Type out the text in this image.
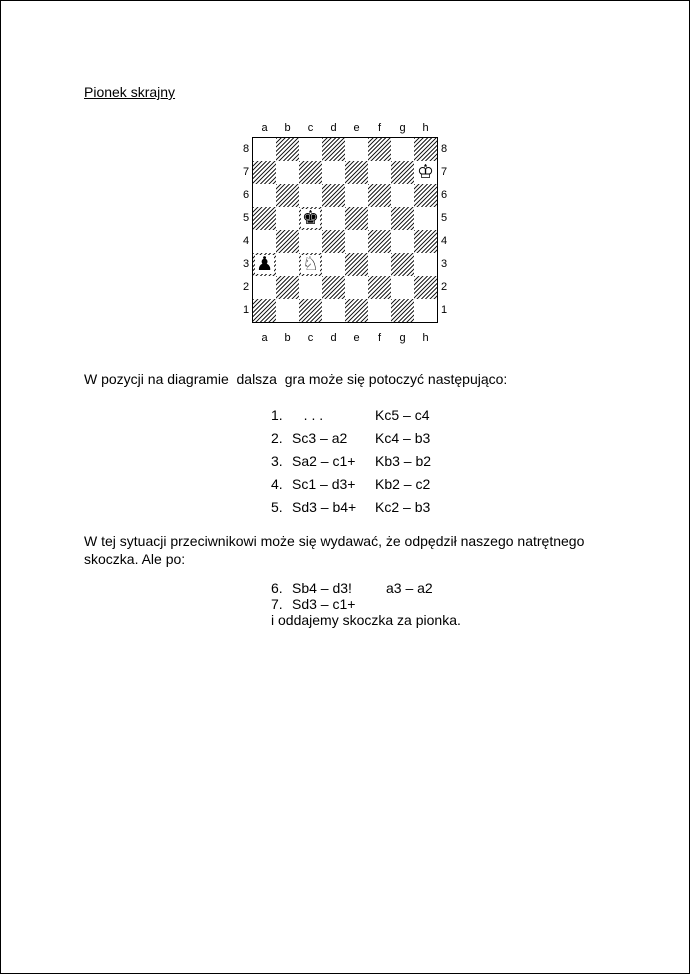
Pionek skrajny
a	b	c	d	e	f	g	h
8
7
6
5
4
3
2
1
♔
♚
♟ ♘
8
7
6
5
4
3
2
1
a	b	c	d	e	f	g	h
W pozycji na diagramie  dalsza  gra może się potoczyć następująco:
1. . . .	Kc5 – c4
2. Sc3 – a2 Kc4 – b3
3. Sa2 – c1+ Kb3 – b2
4. Sc1 – d3+ Kb2 – c2
5. Sd3 – b4+ Kc2 – b3
W tej sytuacji przeciwnikowi może się wydawać, że odpędził naszego natrętnego skoczka. Ale po:
6. Sb4 – d3! a3 – a2
7. Sd3 – c1+
i oddajemy skoczka za pionka.
